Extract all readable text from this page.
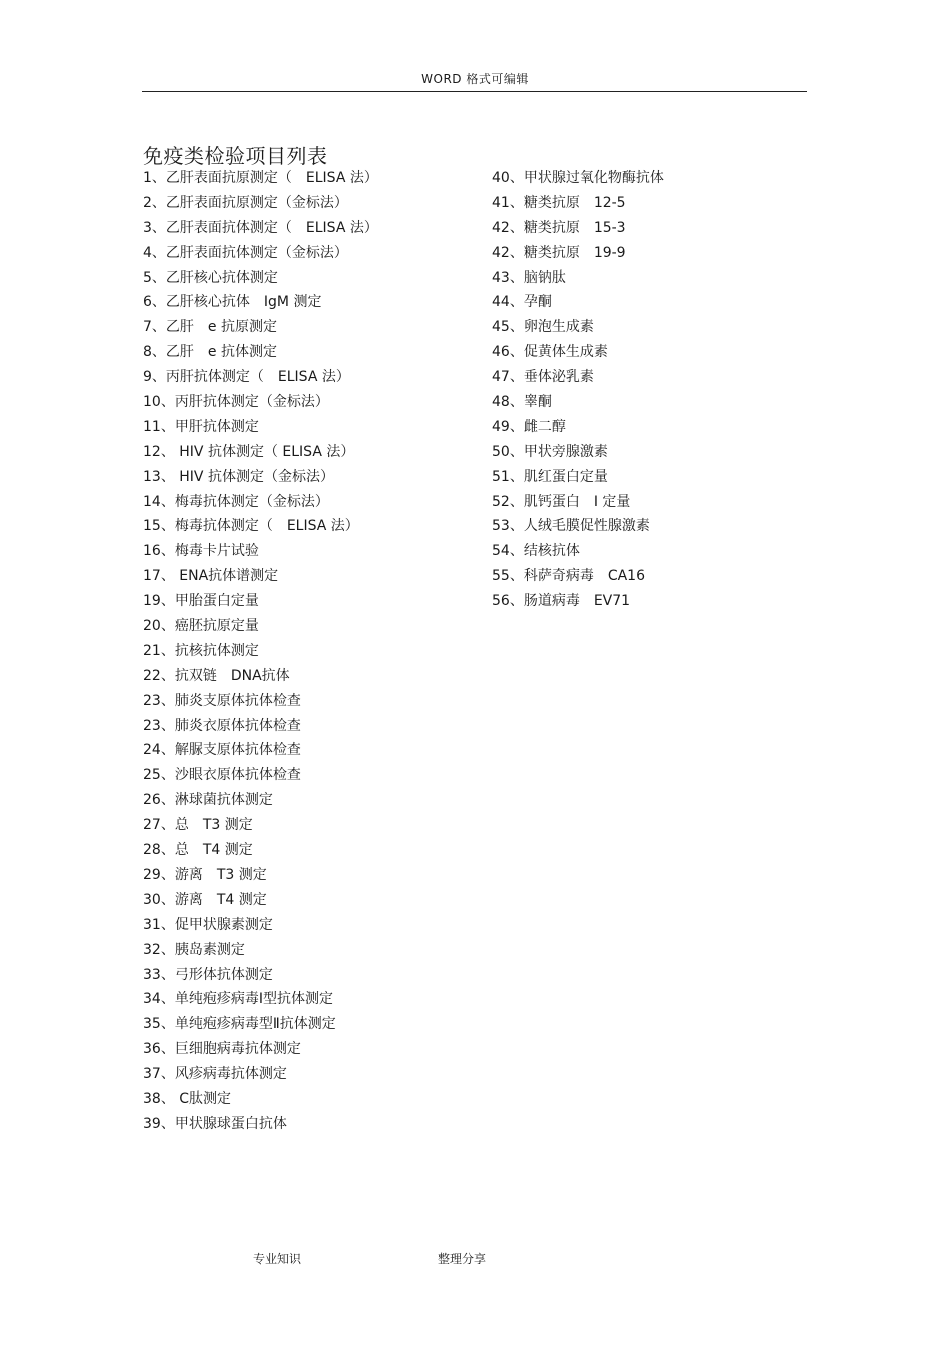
WORD 格式可编辑
免疫类检验项目列表
1、乙肝表面抗原测定（　ELISA 法）
2、乙肝表面抗原测定（金标法）
3、乙肝表面抗体测定（　ELISA 法）
4、乙肝表面抗体测定（金标法）
5、乙肝核心抗体测定
6、乙肝核心抗体　IgM 测定
7、乙肝　e 抗原测定
8、乙肝　e 抗体测定
9、丙肝抗体测定（　ELISA 法）
10、丙肝抗体测定（金标法）
11、甲肝抗体测定
12、 HIV 抗体测定（ ELISA 法）
13、 HIV 抗体测定（金标法）
14、梅毒抗体测定（金标法）
15、梅毒抗体测定（　ELISA 法）
16、梅毒卡片试验
17、 ENA抗体谱测定
19、甲胎蛋白定量
20、癌胚抗原定量
21、抗核抗体测定
22、抗双链　DNA抗体
23、肺炎支原体抗体检查
23、肺炎衣原体抗体检查
24、解脲支原体抗体检查
25、沙眼衣原体抗体检查
26、淋球菌抗体测定
27、总　T3 测定
28、总　T4 测定
29、游离　T3 测定
30、游离　T4 测定
31、促甲状腺素测定
32、胰岛素测定
33、弓形体抗体测定
34、单纯疱疹病毒Ⅰ型抗体测定
35、单纯疱疹病毒型Ⅱ抗体测定
36、巨细胞病毒抗体测定
37、风疹病毒抗体测定
38、 C肽测定
39、甲状腺球蛋白抗体
40、甲状腺过氧化物酶抗体
41、糖类抗原　12-5
42、糖类抗原　15-3
42、糖类抗原　19-9
43、脑钠肽
44、孕酮
45、卵泡生成素
46、促黄体生成素
47、垂体泌乳素
48、睾酮
49、雌二醇
50、甲状旁腺激素
51、肌红蛋白定量
52、肌钙蛋白　I 定量
53、人绒毛膜促性腺激素
54、结核抗体
55、科萨奇病毒　CA16
56、肠道病毒　EV71
专业知识	整理分享
